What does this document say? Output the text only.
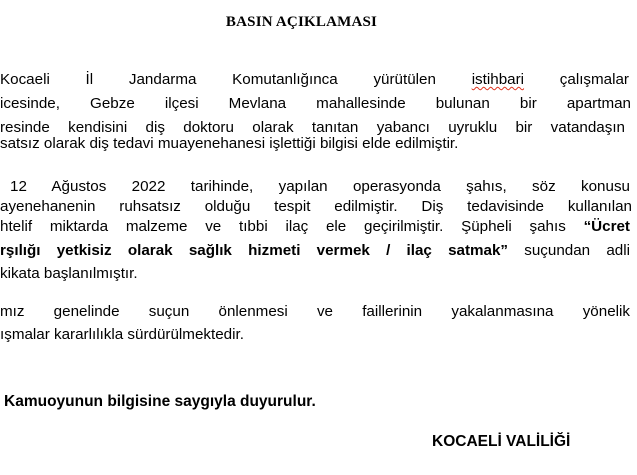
BASIN AÇIKLAMASI
Kocaeli İl Jandarma Komutanlığınca yürütülen istihbari çalışmalar
icesinde, Gebze ilçesi Mevlana mahallesinde bulunan bir apartman
resinde kendisini diş doktoru olarak tanıtan yabancı uyruklu bir vatandaşın
satsız olarak diş tedavi muayenehanesi işlettiği bilgisi elde edilmiştir.
12 Ağustos 2022 tarihinde, yapılan operasyonda şahıs, söz konusu
ayenehanenin ruhsatsız olduğu tespit edilmiştir. Diş tedavisinde kullanılan
htelif miktarda malzeme ve tıbbi ilaç ele geçirilmiştir. Şüpheli şahıs “Ücret
rşılığı yetkisiz olarak sağlık hizmeti vermek / ilaç satmak” suçundan adli
kikata başlanılmıştır.
mız genelinde suçun önlenmesi ve faillerinin yakalanmasına yönelik
ışmalar kararlılıkla sürdürülmektedir.
Kamuoyunun bilgisine saygıyla duyurulur.
KOCAELİ VALİLİĞİ
